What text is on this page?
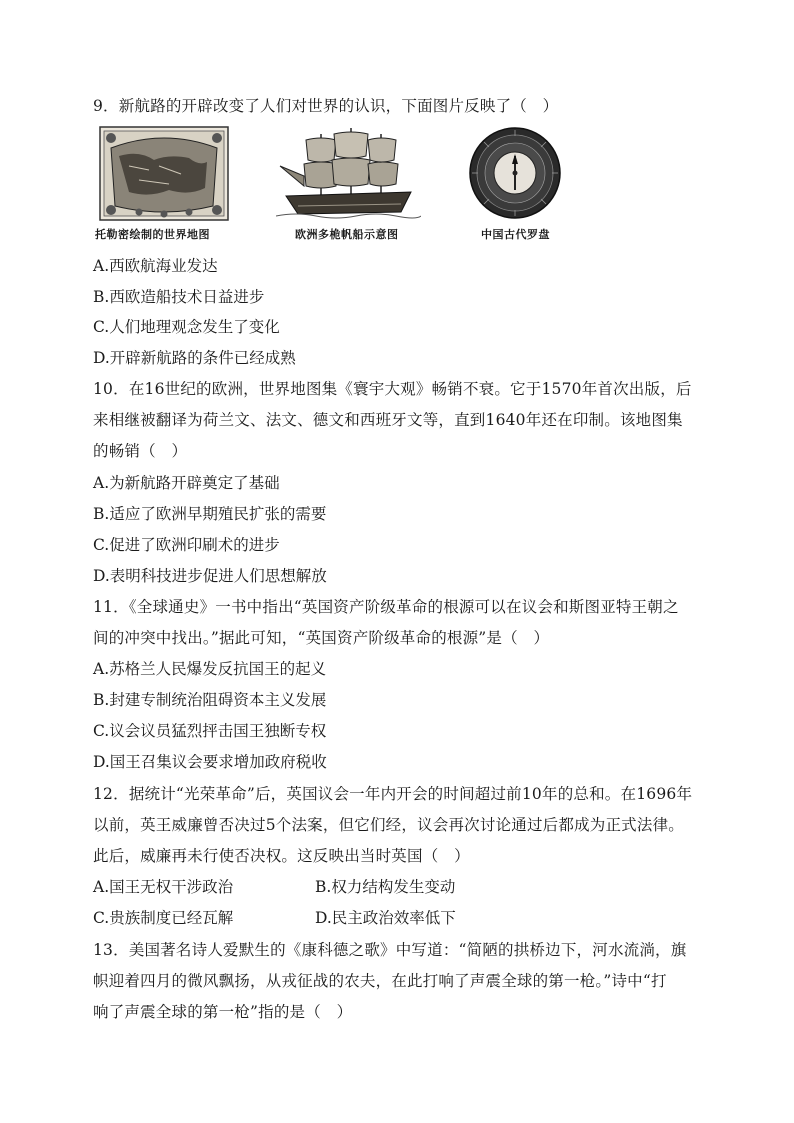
9．新航路的开辟改变了人们对世界的认识，下面图片反映了（　）
托勒密绘制的世界地图	欧洲多桅帆船示意图	中国古代罗盘
A.西欧航海业发达
B.西欧造船技术日益进步
C.人们地理观念发生了变化
D.开辟新航路的条件已经成熟
10．在16世纪的欧洲，世界地图集《寰宇大观》畅销不衰。它于1570年首次出版，后
来相继被翻译为荷兰文、法文、德文和西班牙文等，直到1640年还在印制。该地图集
的畅销（　）
A.为新航路开辟奠定了基础
B.适应了欧洲早期殖民扩张的需要
C.促进了欧洲印刷术的进步
D.表明科技进步促进人们思想解放
11．《全球通史》一书中指出“英国资产阶级革命的根源可以在议会和斯图亚特王朝之
间的冲突中找出。”据此可知，“英国资产阶级革命的根源”是（　）
A.苏格兰人民爆发反抗国王的起义
B.封建专制统治阻碍资本主义发展
C.议会议员猛烈抨击国王独断专权
D.国王召集议会要求增加政府税收
12．据统计“光荣革命”后，英国议会一年内开会的时间超过前10年的总和。在1696年
以前，英王威廉曾否决过5个法案，但它们经，议会再次讨论通过后都成为正式法律。
此后，威廉再未行使否决权。这反映出当时英国（　）
A.国王无权干涉政治	B.权力结构发生变动
C.贵族制度已经瓦解	D.民主政治效率低下
13．美国著名诗人爱默生的《康科德之歌》中写道：“简陋的拱桥边下，河水流淌，旗
帜迎着四月的微风飘扬，从戎征战的农夫，在此打响了声震全球的第一枪。”诗中“打
响了声震全球的第一枪”指的是（　）
